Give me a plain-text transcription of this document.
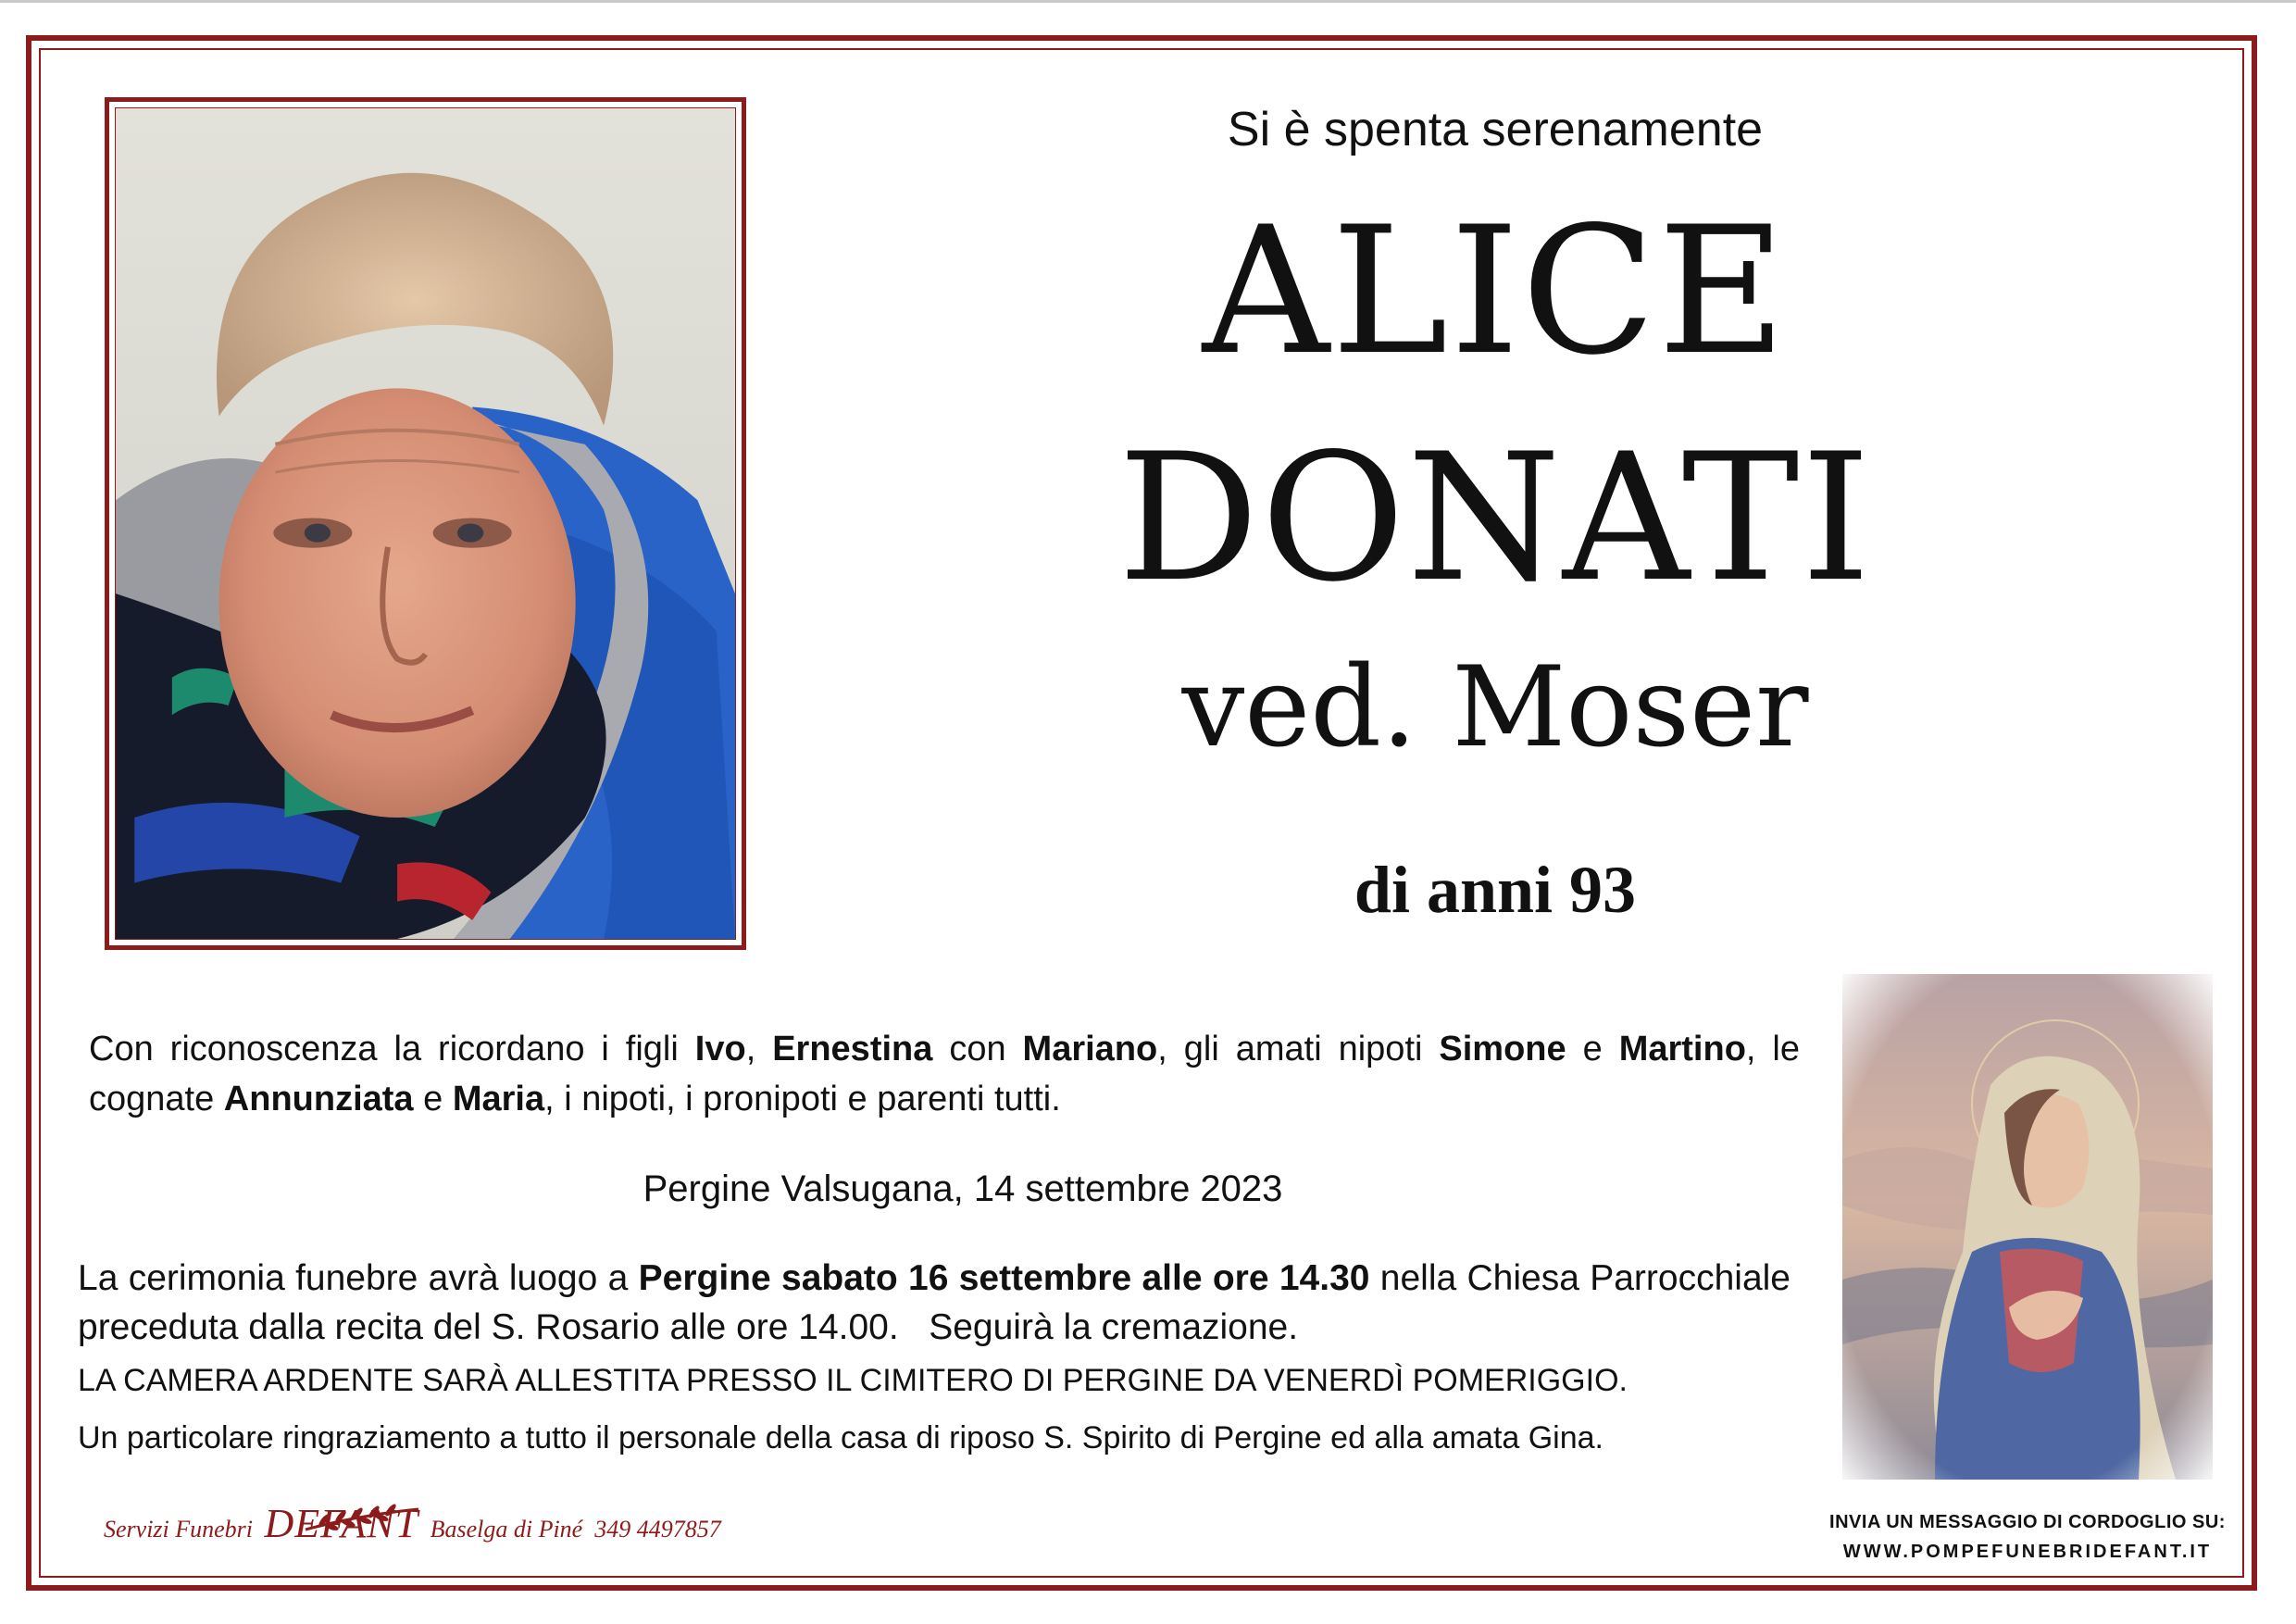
Si è spenta serenamente
ALICE
DONATI
ved. Moser
di anni 93
Con riconoscenza la ricordano i figli Ivo, Ernestina con Mariano, gli amati nipoti Simone e Martino, le cognate Annunziata e Maria, i nipoti, i pronipoti e parenti tutti.
Pergine Valsugana, 14 settembre 2023
La cerimonia funebre avrà luogo a Pergine sabato 16 settembre alle ore 14.30 nella Chiesa Parrocchiale preceduta dalla recita del S. Rosario alle ore 14.00.   Seguirà la cremazione.
LA CAMERA ARDENTE SARÀ ALLESTITA PRESSO IL CIMITERO DI PERGINE DA VENERDÌ POMERIGGIO.
Un particolare ringraziamento a tutto il personale della casa di riposo S. Spirito di Pergine ed alla amata Gina.
Servizi Funebri DEFANT Baselga di Piné 349 4497857	INVIA UN MESSAGGIO DI CORDOGLIO SU:
WWW.POMPEFUNEBRIDEFANT.IT
